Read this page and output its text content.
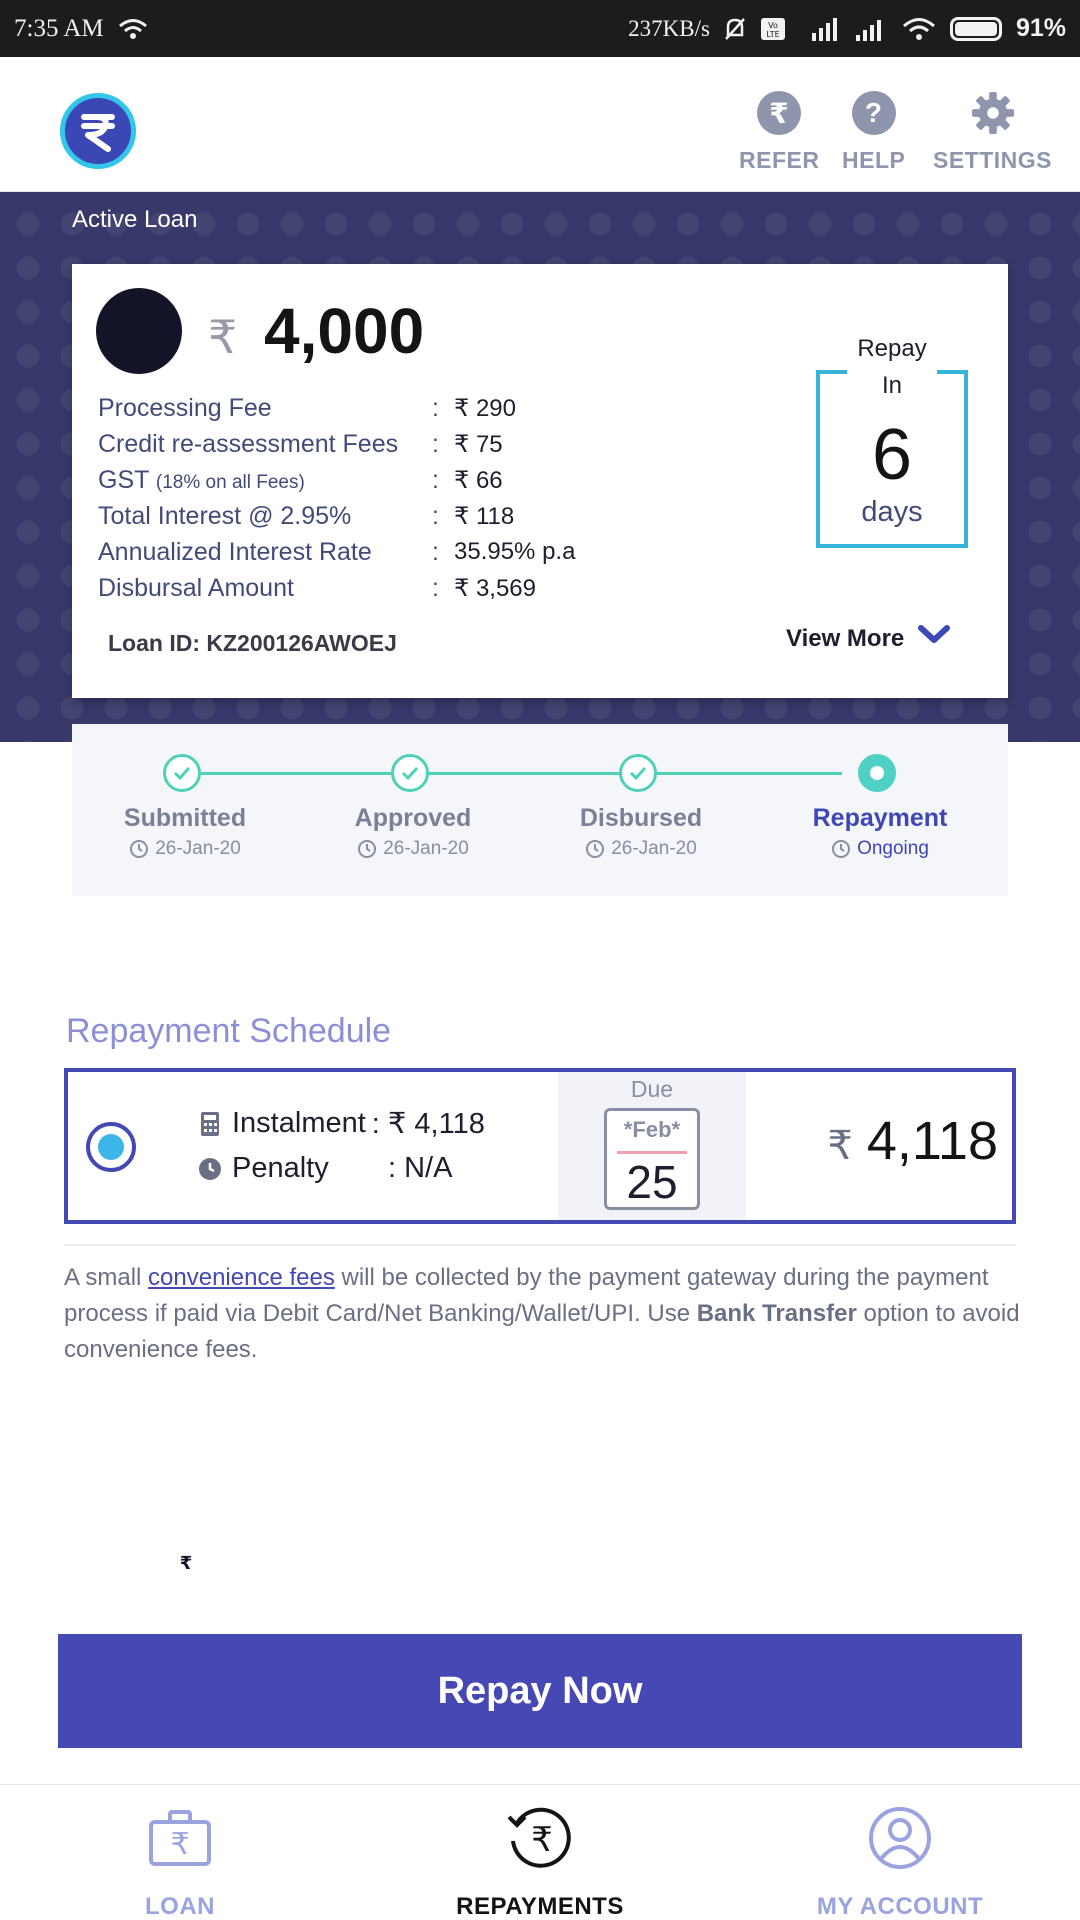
7:35 AM	237KB/s	Vo
LTE	91%
₹
REFER
?
HELP SETTINGS
Active Loan
₹
₹ 4,000
Processing Fee	: ₹ 290
Credit re-assessment Fees	: ₹ 75
GST (18% on all Fees)	: ₹ 66
Total Interest @ 2.95%	: ₹ 118
Annualized Interest Rate	: 35.95% p.a
Disbursal Amount	: ₹ 3,569
Repay
In
6
days
Loan ID: KZ200126AWOEJ	View More
Submitted	Approved	Disbursed	Repayment
26-Jan-20	26-Jan-20	26-Jan-20	Ongoing
Repayment Schedule
Instalment : ₹ 4,118
Penalty	: N/A
Due
*Feb*
25
₹ 4,118

A small convenience fees will be collected by the payment gateway during the payment process if paid via Debit Card/Net Banking/Wallet/UPI. Use Bank Transfer option to avoid convenience fees.

Repay Now
₹
LOAN
₹
REPAYMENTS	MY ACCOUNT
